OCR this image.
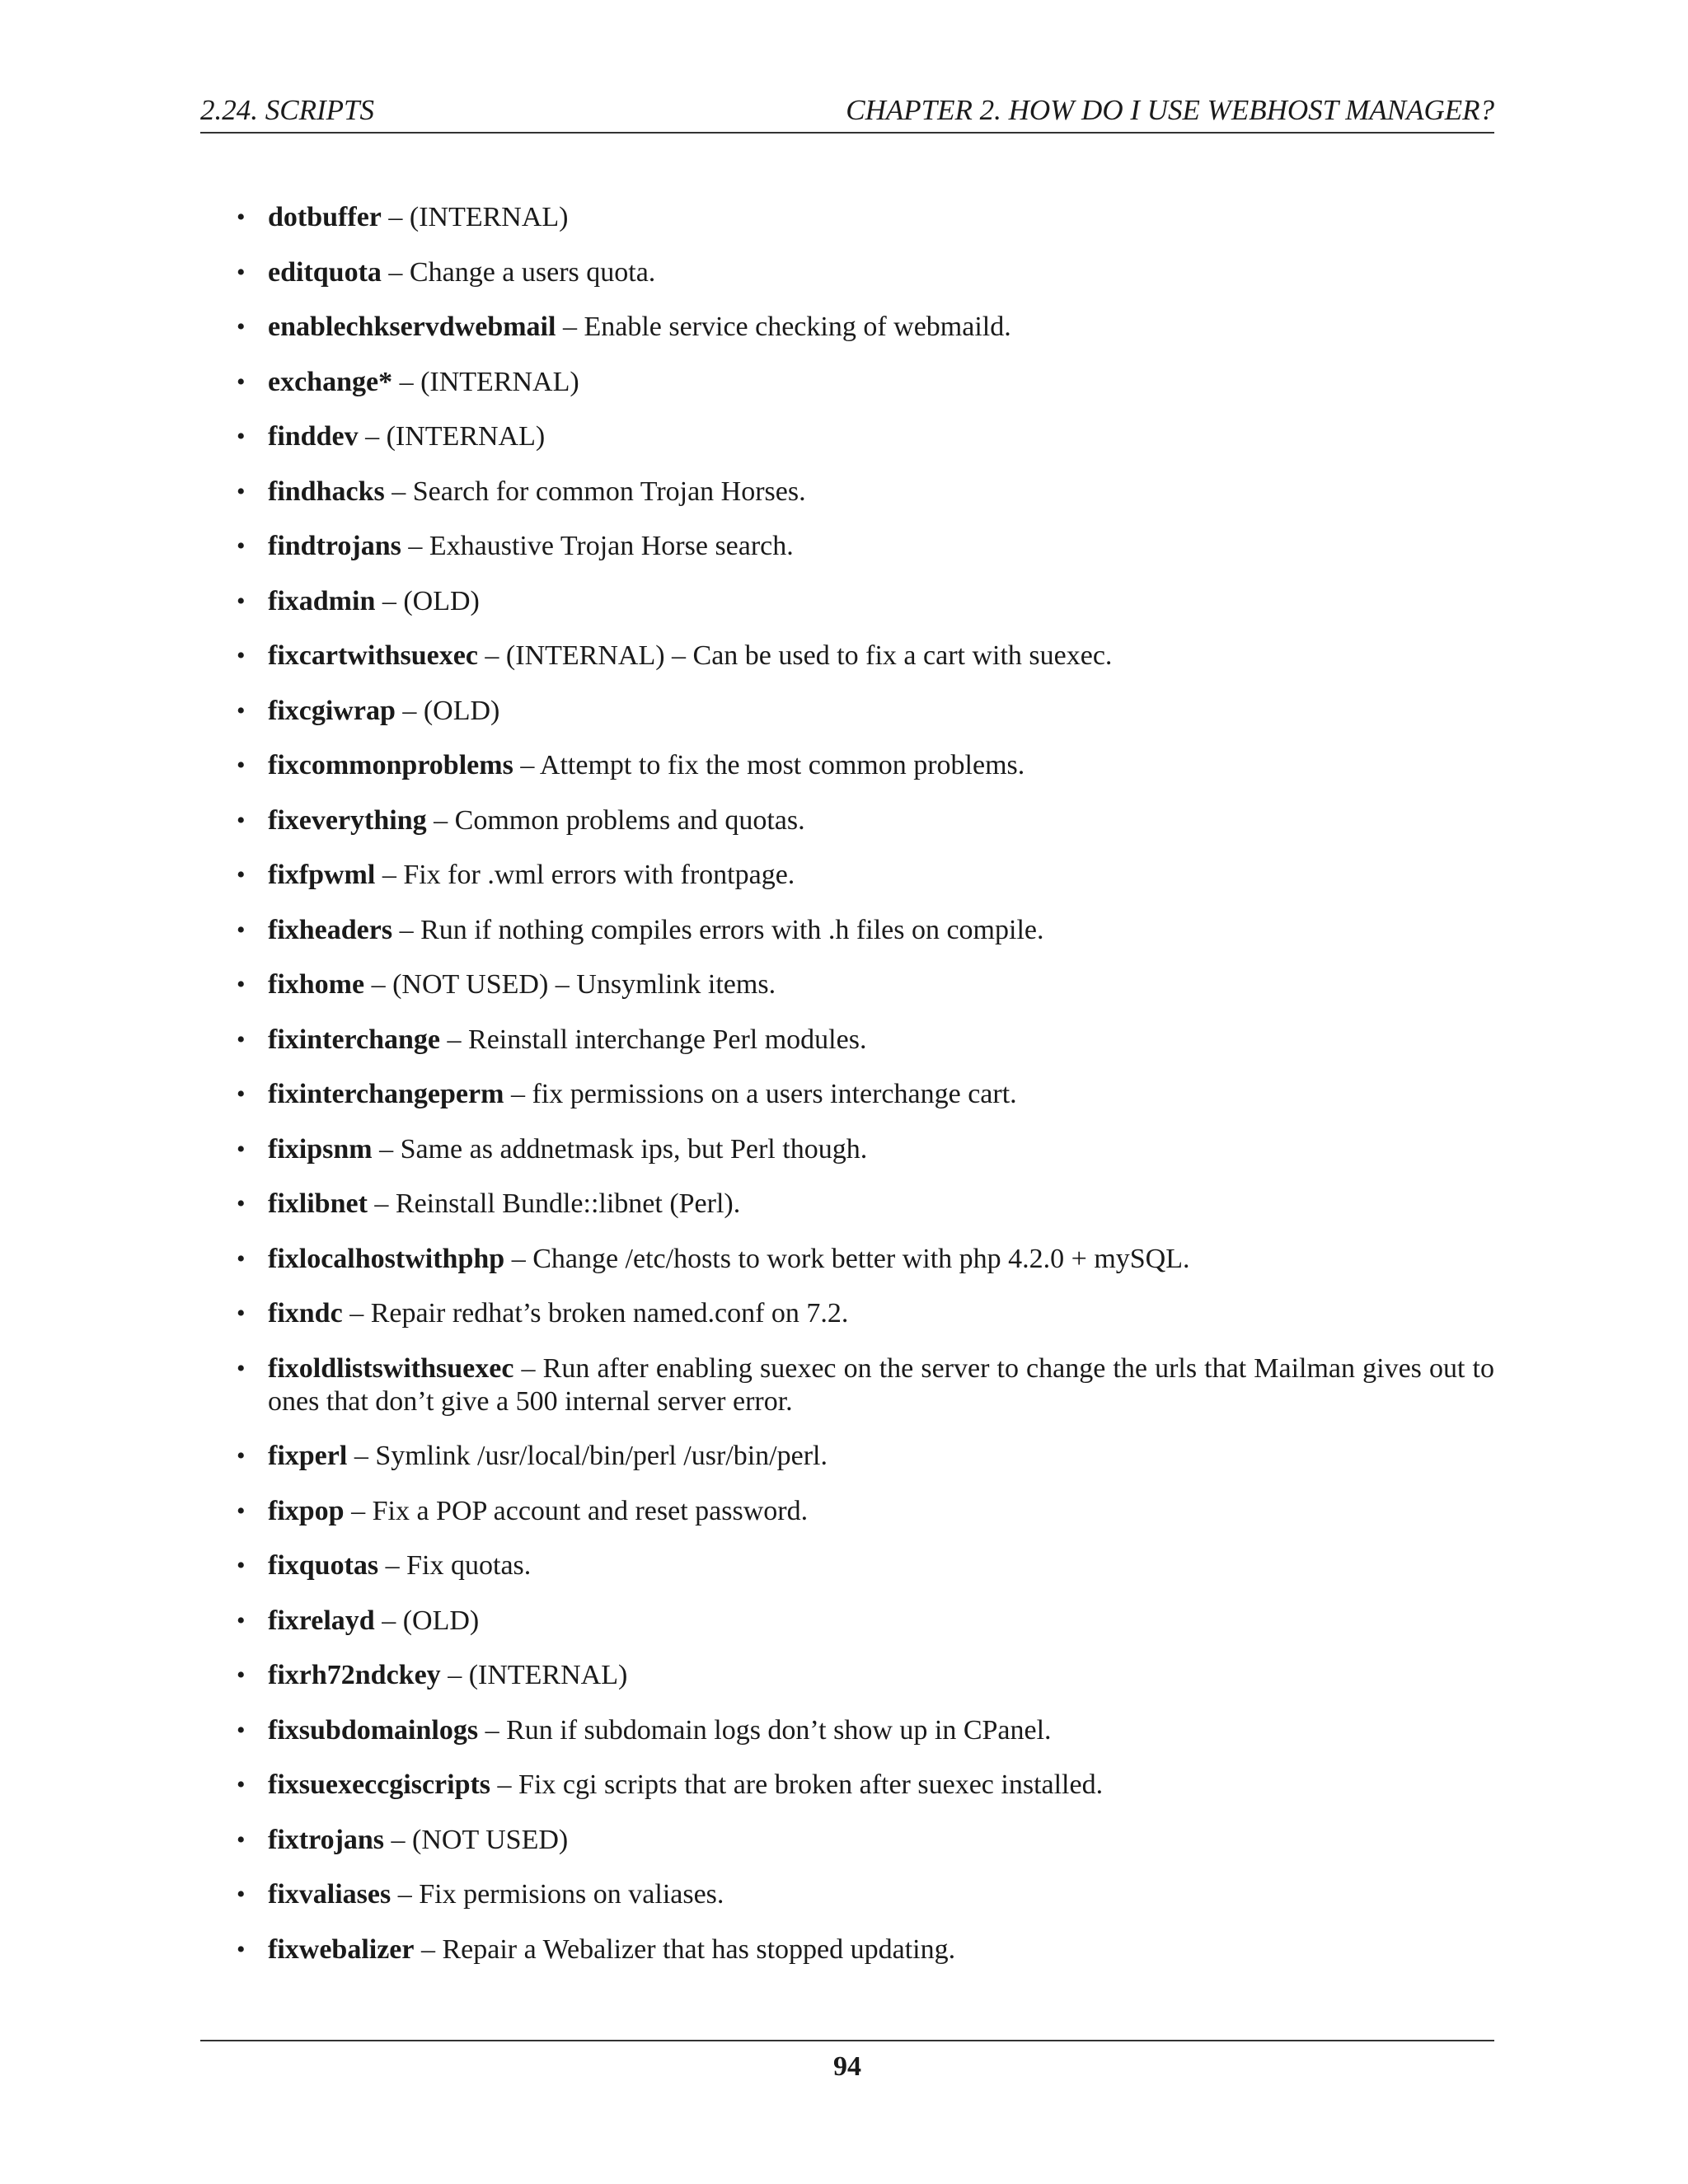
2.24. SCRIPTS	CHAPTER 2. HOW DO I USE WEBHOST MANAGER?
• dotbuffer – (INTERNAL)
• editquota – Change a users quota.
• enablechkservdwebmail – Enable service checking of webmaild.
• exchange* – (INTERNAL)
• finddev – (INTERNAL)
• findhacks – Search for common Trojan Horses.
• findtrojans – Exhaustive Trojan Horse search.
• fixadmin – (OLD)
• fixcartwithsuexec – (INTERNAL) – Can be used to fix a cart with suexec.
• fixcgiwrap – (OLD)
• fixcommonproblems – Attempt to fix the most common problems.
• fixeverything – Common problems and quotas.
• fixfpwml – Fix for .wml errors with frontpage.
• fixheaders – Run if nothing compiles errors with .h files on compile.
• fixhome – (NOT USED) – Unsymlink items.
• fixinterchange – Reinstall interchange Perl modules.
• fixinterchangeperm – fix permissions on a users interchange cart.
• fixipsnm – Same as addnetmask ips, but Perl though.
• fixlibnet – Reinstall Bundle::libnet (Perl).
• fixlocalhostwithphp – Change /etc/hosts to work better with php 4.2.0 + mySQL.
• fixndc – Repair redhat’s broken named.conf on 7.2.
• fixoldlistswithsuexec – Run after enabling suexec on the server to change the urls that Mailman gives out to ones that don’t give a 500 internal server error.
• fixperl – Symlink /usr/local/bin/perl /usr/bin/perl.
• fixpop – Fix a POP account and reset password.
• fixquotas – Fix quotas.
• fixrelayd – (OLD)
• fixrh72ndckey – (INTERNAL)
• fixsubdomainlogs – Run if subdomain logs don’t show up in CPanel.
• fixsuexeccgiscripts – Fix cgi scripts that are broken after suexec installed.
• fixtrojans – (NOT USED)
• fixvaliases – Fix permisions on valiases.
• fixwebalizer – Repair a Webalizer that has stopped updating.
94
